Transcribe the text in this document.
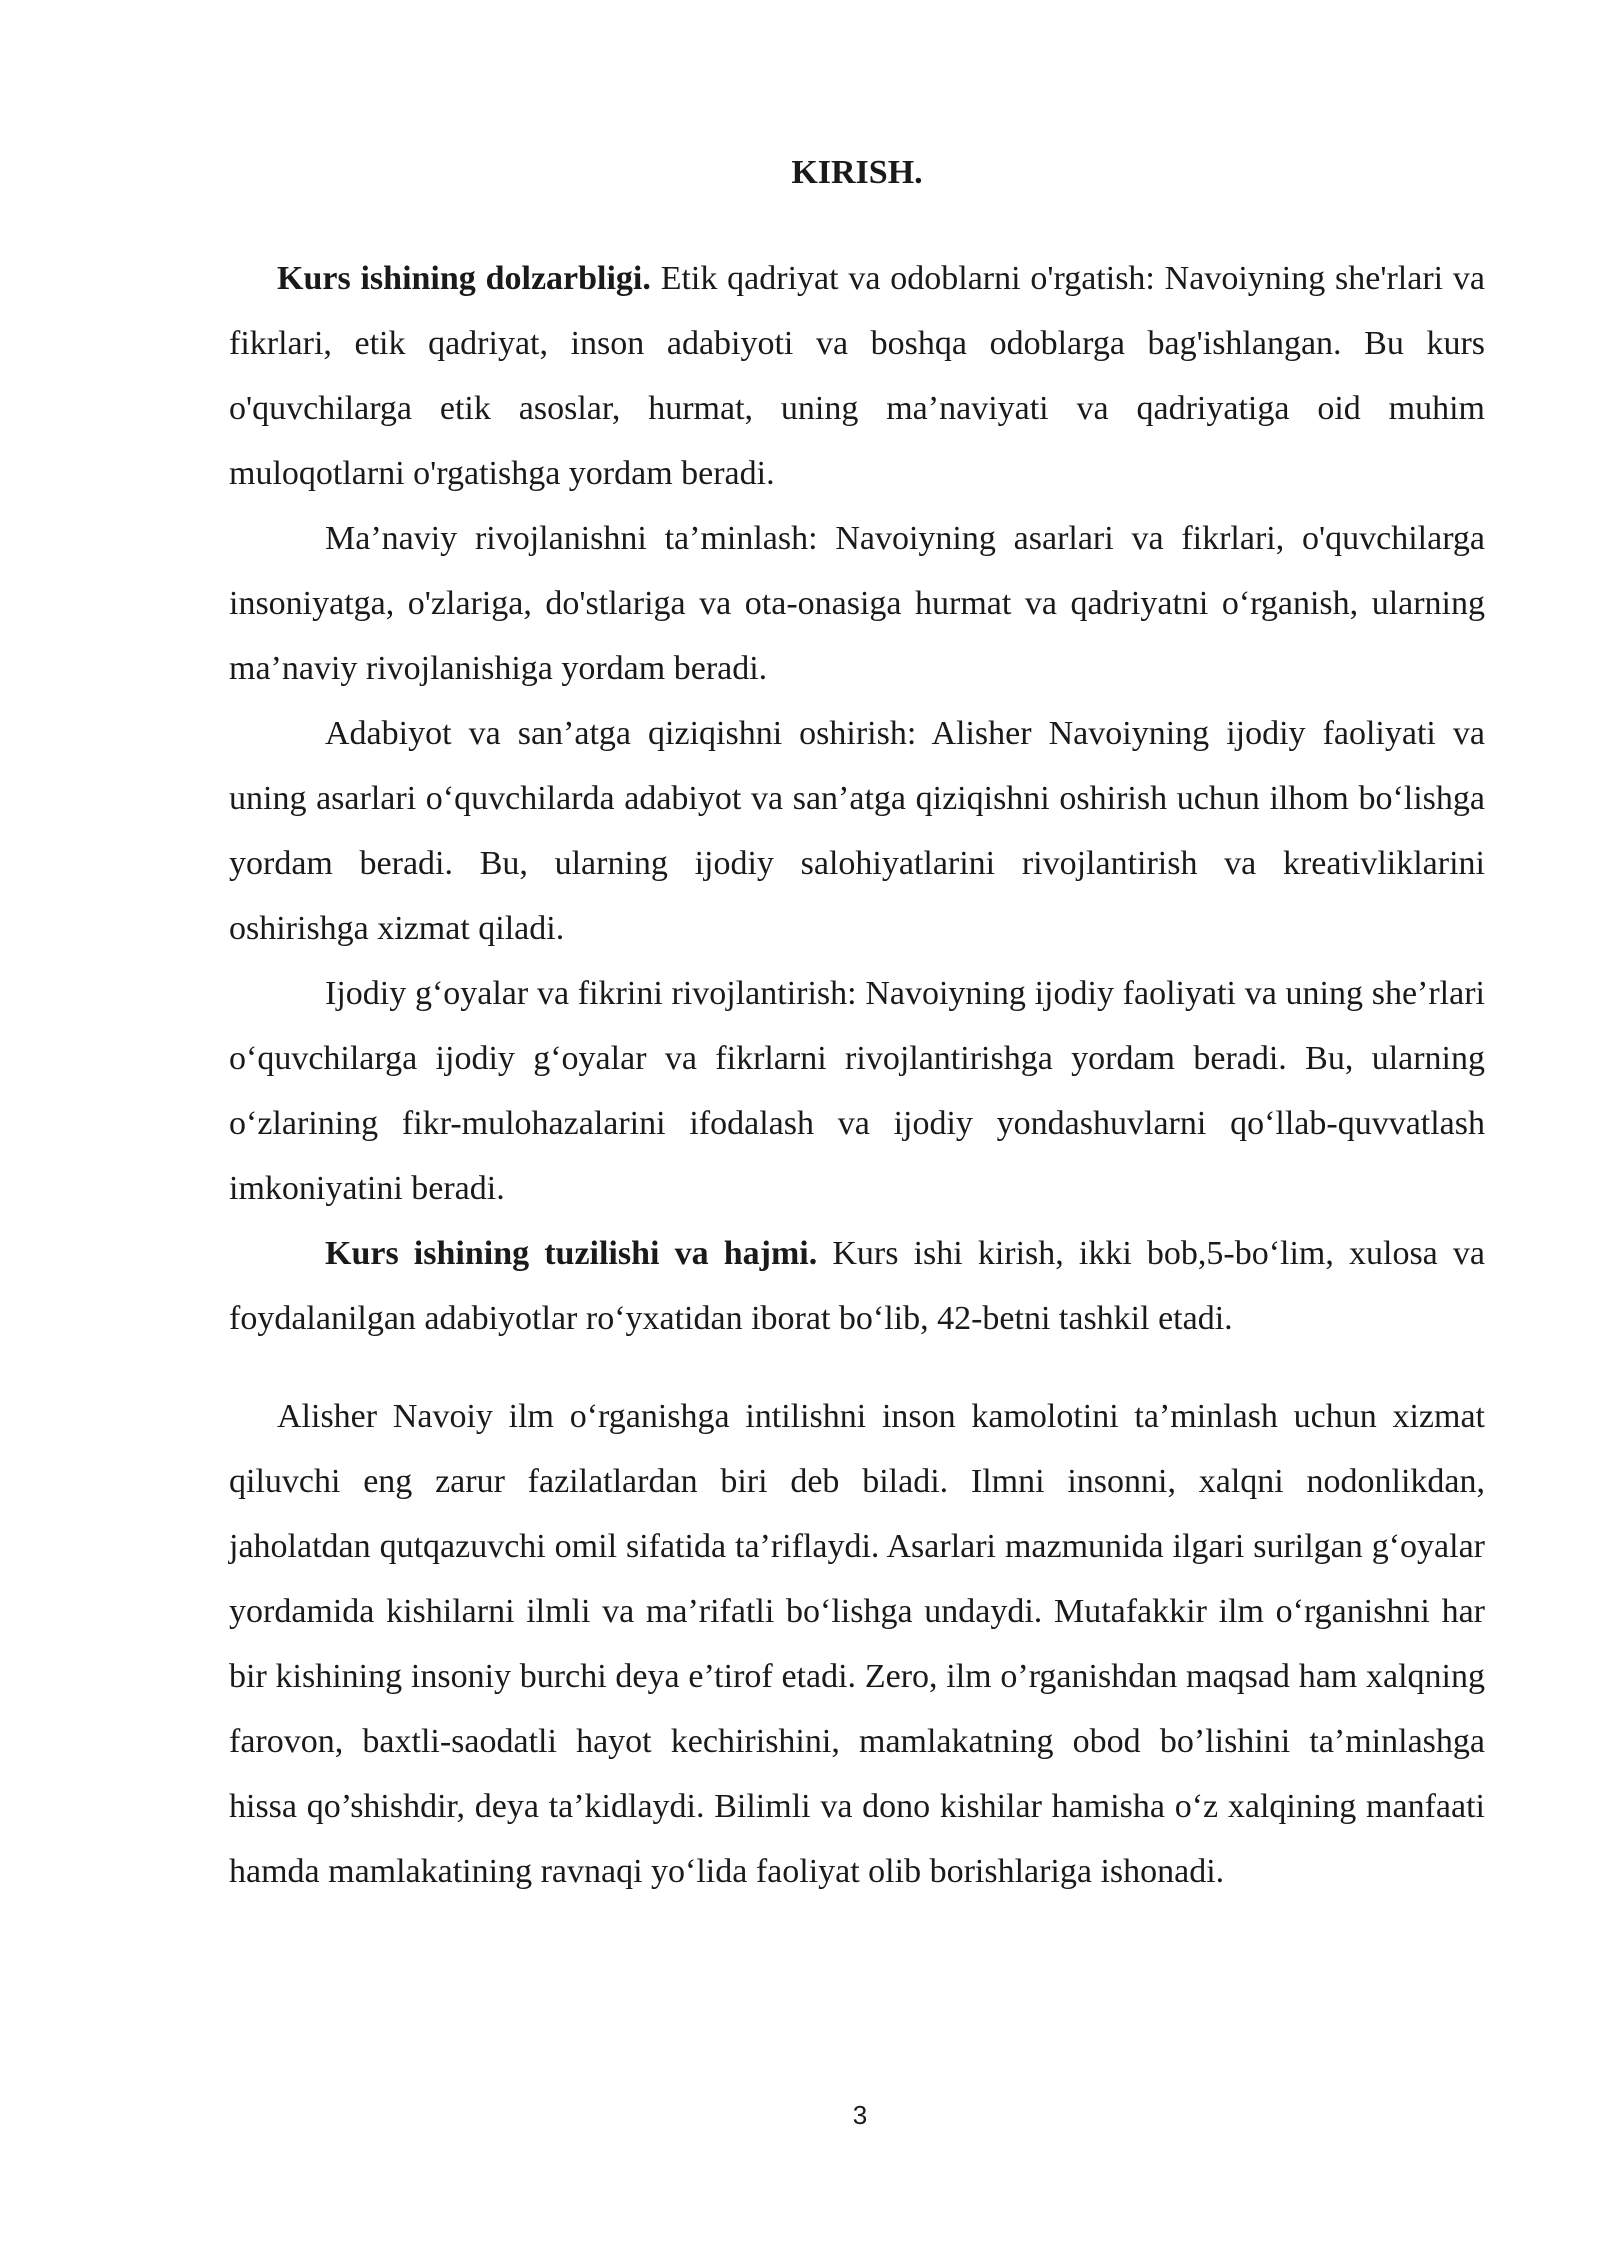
KIRISH.

Kurs ishining dolzarbligi. Etik qadriyat va odoblarni o'rgatish: Navoiyning she'rlari va fikrlari, etik qadriyat, inson adabiyoti va boshqa odoblarga bag'ishlangan. Bu kurs o'quvchilarga etik asoslar, hurmat, uning ma’naviyati va qadriyatiga oid muhim muloqotlarni o'rgatishga yordam beradi.

Ma’naviy rivojlanishni ta’minlash: Navoiyning asarlari va fikrlari, o'quvchilarga insoniyatga, o'zlariga, do'stlariga va ota-onasiga hurmat va qadriyatni o‘rganish, ularning ma’naviy rivojlanishiga yordam beradi.

Adabiyot va san’atga qiziqishni oshirish: Alisher Navoiyning ijodiy faoliyati va uning asarlari o‘quvchilarda adabiyot va san’atga qiziqishni oshirish uchun ilhom bo‘lishga yordam beradi. Bu, ularning ijodiy salohiyatlarini rivojlantirish va kreativliklarini oshirishga xizmat qiladi.

Ijodiy g‘oyalar va fikrini rivojlantirish: Navoiyning ijodiy faoliyati va uning she’rlari o‘quvchilarga ijodiy g‘oyalar va fikrlarni rivojlantirishga yordam beradi. Bu, ularning o‘zlarining fikr-mulohazalarini ifodalash va ijodiy yondashuvlarni qo‘llab-quvvatlash imkoniyatini beradi.

Kurs ishining tuzilishi va hajmi. Kurs ishi kirish, ikki bob,5-bo‘lim, xulosa va foydalanilgan adabiyotlar ro‘yxatidan iborat bo‘lib, 42-betni tashkil etadi.

Alisher Navoiy ilm o‘rganishga intilishni inson kamolotini ta’minlash uchun xizmat qiluvchi eng zarur fazilatlardan biri deb biladi. Ilmni insonni, xalqni nodonlikdan, jaholatdan qutqazuvchi omil sifatida ta’riflaydi. Asarlari mazmunida ilgari surilgan g‘oyalar yordamida kishilarni ilmli va ma’rifatli bo‘lishga undaydi. Mutafakkir ilm o‘rganishni har bir kishining insoniy burchi deya e’tirof etadi. Zero, ilm o’rganishdan maqsad ham xalqning farovon, baxtli-saodatli hayot kechirishini, mamlakatning obod bo’lishini ta’minlashga hissa qo’shishdir, deya ta’kidlaydi. Bilimli va dono kishilar hamisha o‘z xalqining manfaati hamda mamlakatining ravnaqi yo‘lida faoliyat olib borishlariga ishonadi.

3
